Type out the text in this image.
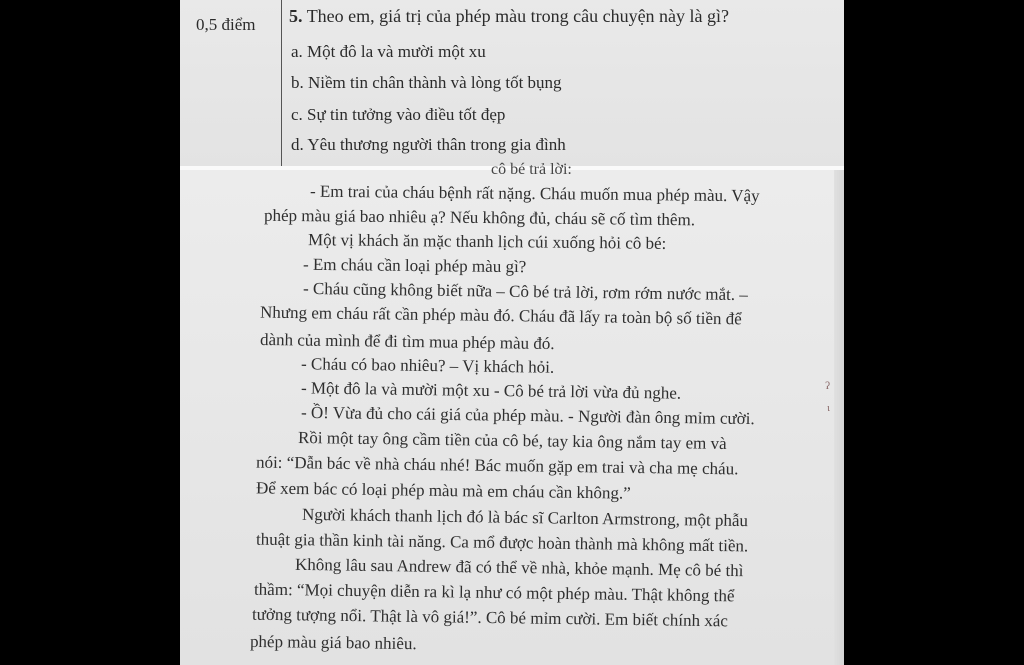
0,5 điểm 5. Theo em, giá trị của phép màu trong câu chuyện này là gì?
a. Một đô la và mười một xu
b. Niềm tin chân thành và lòng tốt bụng
c. Sự tin tưởng vào điều tốt đẹp
d. Yêu thương người thân trong gia đình
cô bé trả lời:
- Em trai của cháu bệnh rất nặng. Cháu muốn mua phép màu. Vậy
phép màu giá bao nhiêu ạ? Nếu không đủ, cháu sẽ cố tìm thêm.
Một vị khách ăn mặc thanh lịch cúi xuống hỏi cô bé:
- Em cháu cần loại phép màu gì?
- Cháu cũng không biết nữa – Cô bé trả lời, rơm rớm nước mắt. –
Nhưng em cháu rất cần phép màu đó. Cháu đã lấy ra toàn bộ số tiền để
dành của mình để đi tìm mua phép màu đó.
- Cháu có bao nhiêu? – Vị khách hỏi.
- Một đô la và mười một xu - Cô bé trả lời vừa đủ nghe.
- Ồ! Vừa đủ cho cái giá của phép màu. - Người đàn ông mỉm cười.
Rồi một tay ông cầm tiền của cô bé, tay kia ông nắm tay em và
nói: “Dẫn bác về nhà cháu nhé! Bác muốn gặp em trai và cha mẹ cháu.
Để xem bác có loại phép màu mà em cháu cần không.”
Người khách thanh lịch đó là bác sĩ Carlton Armstrong, một phẫu
thuật gia thần kinh tài năng. Ca mổ được hoàn thành mà không mất tiền.
Không lâu sau Andrew đã có thể về nhà, khỏe mạnh. Mẹ cô bé thì
thầm: “Mọi chuyện diễn ra kì lạ như có một phép màu. Thật không thể
tưởng tượng nổi. Thật là vô giá!”. Cô bé mỉm cười. Em biết chính xác
phép màu giá bao nhiêu.
ʔ
ɩ
